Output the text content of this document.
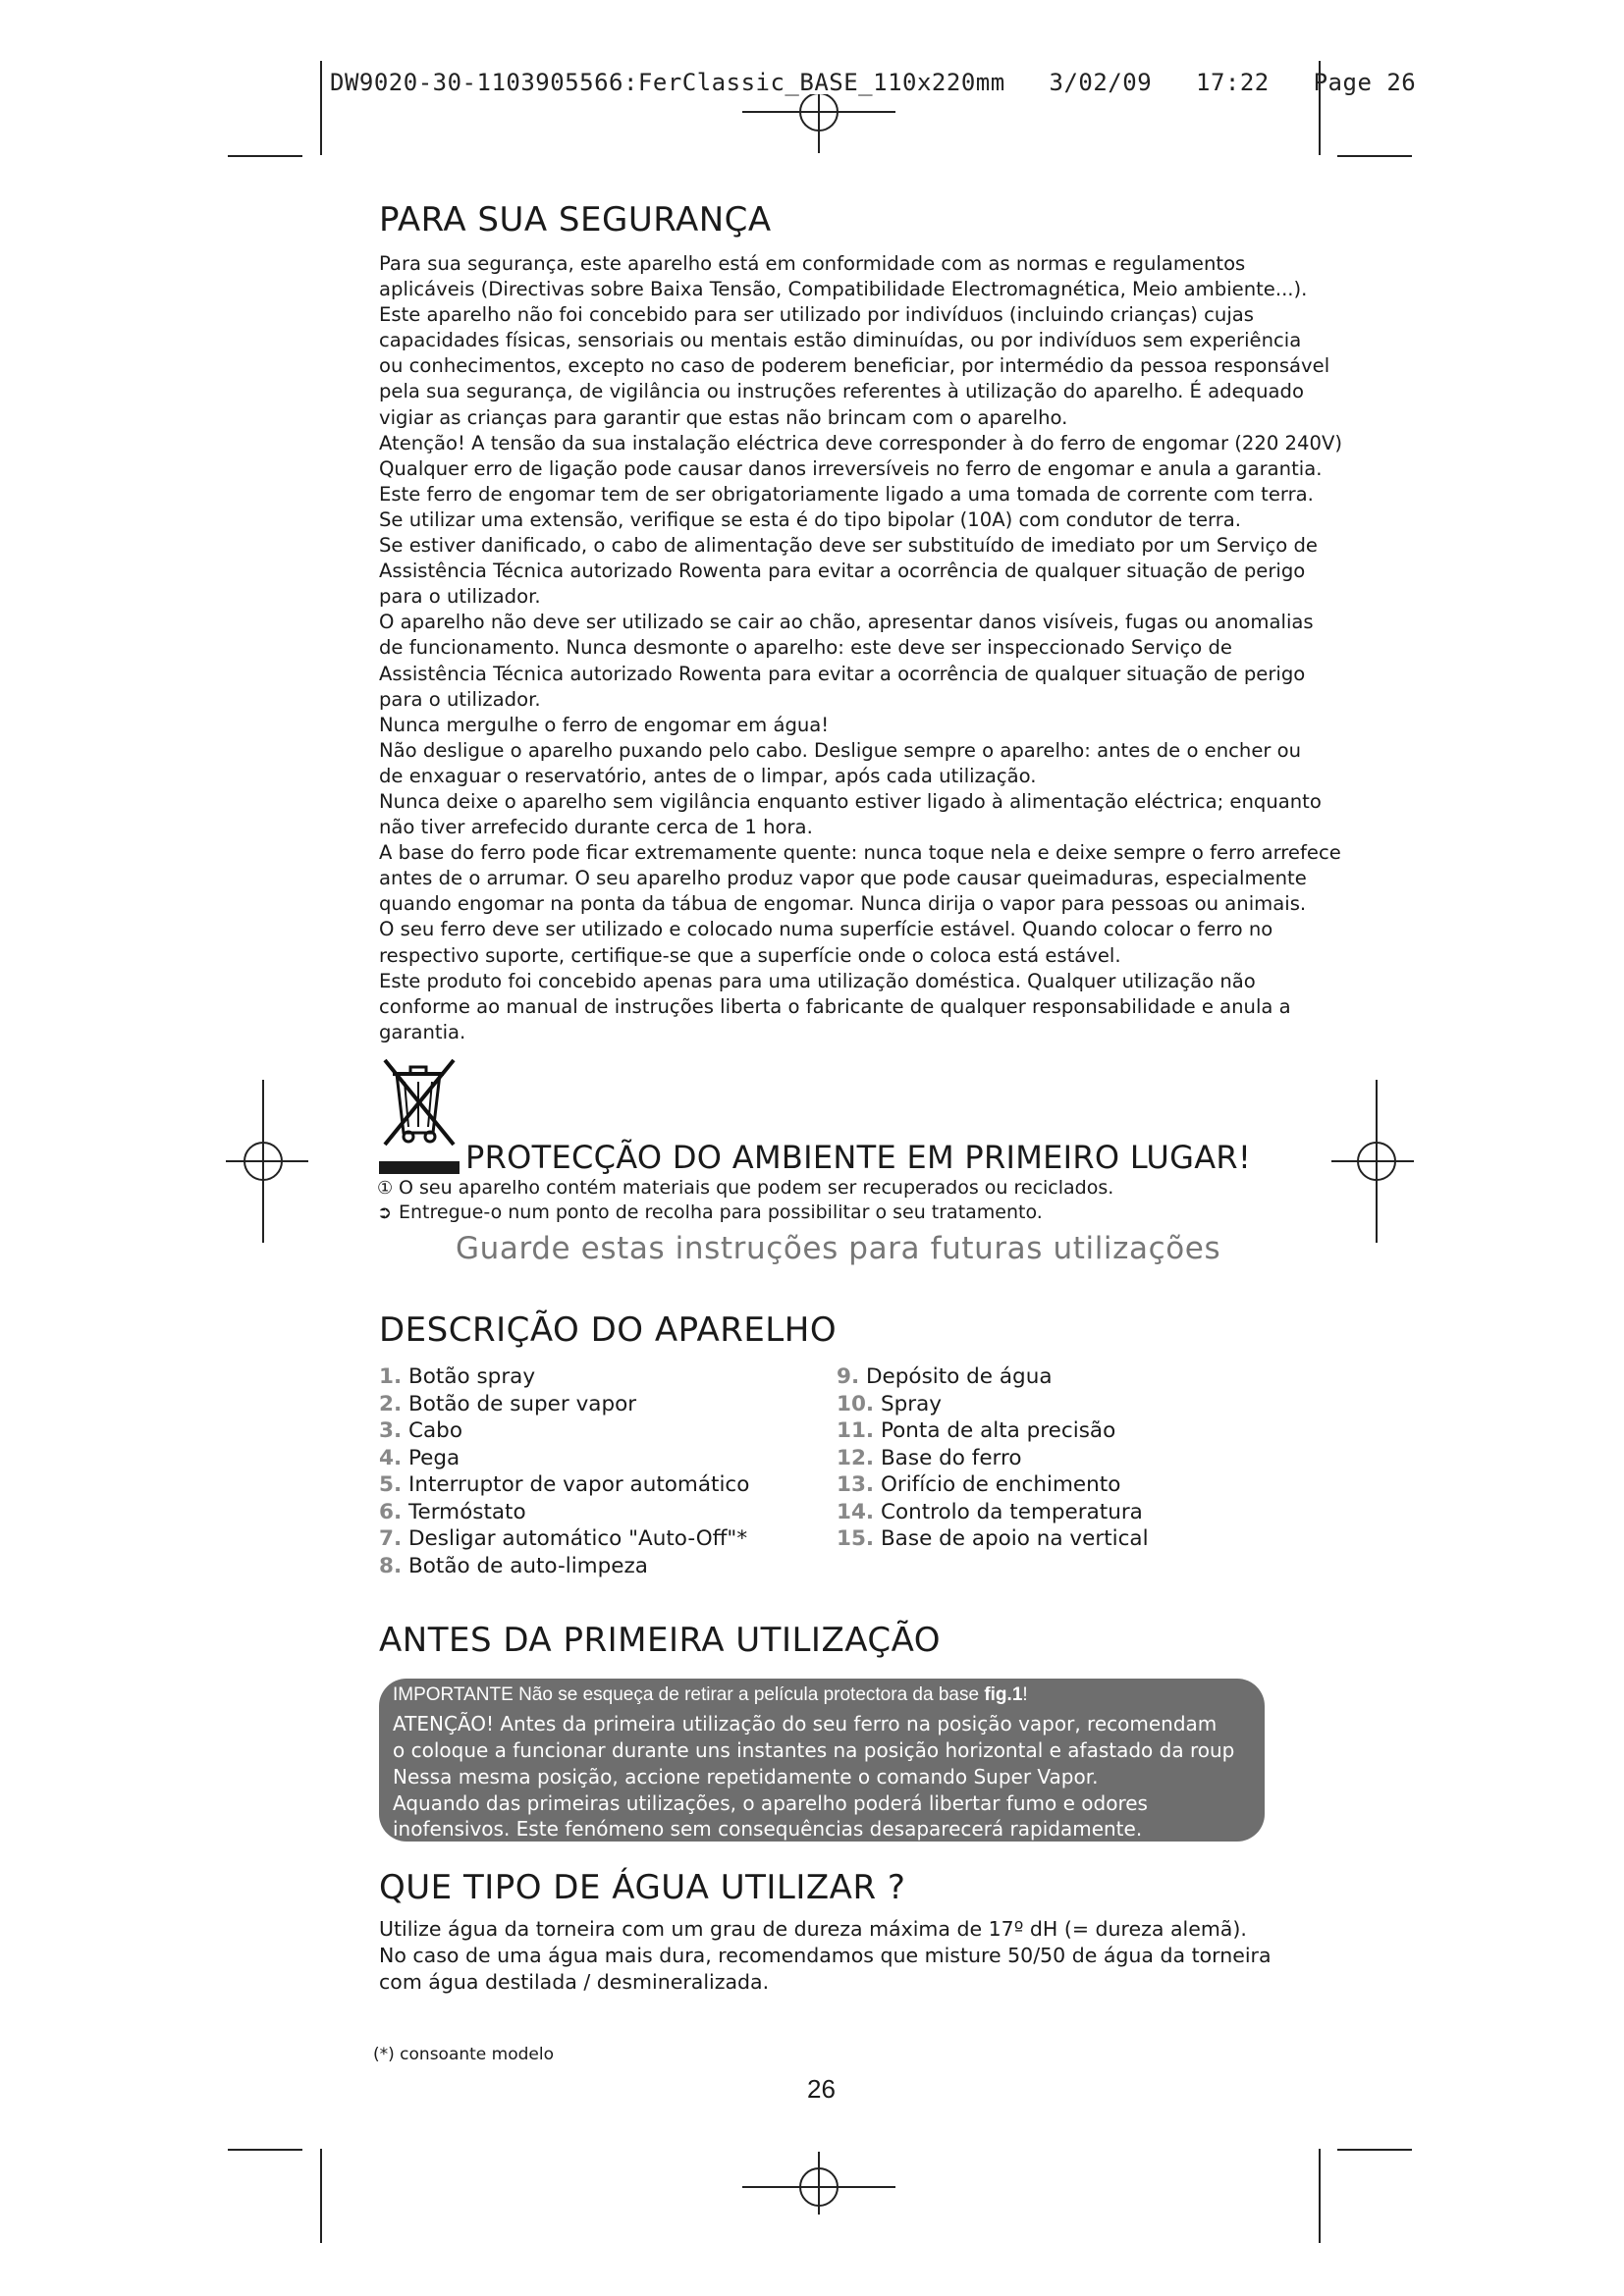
DW9020-30-1103905566:FerClassic_BASE_110x220mm   3/02/09   17:22   Page 26
PARA SUA SEGURANÇA

Para sua segurança, este aparelho está em conformidade com as normas e regulamentos

aplicáveis (Directivas sobre Baixa Tensão, Compatibilidade Electromagnética, Meio ambiente...).

Este aparelho não foi concebido para ser utilizado por indivíduos (incluindo crianças) cujas

capacidades físicas, sensoriais ou mentais estão diminuídas, ou por indivíduos sem experiência

ou conhecimentos, excepto no caso de poderem beneficiar, por intermédio da pessoa responsável

pela sua segurança, de vigilância ou instruções referentes à utilização do aparelho. É adequado

vigiar as crianças para garantir que estas não brincam com o aparelho.

Atenção! A tensão da sua instalação eléctrica deve corresponder à do ferro de engomar (220 240V)

Qualquer erro de ligação pode causar danos irreversíveis no ferro de engomar e anula a garantia.

Este ferro de engomar tem de ser obrigatoriamente ligado a uma tomada de corrente com terra.

Se utilizar uma extensão, verifique se esta é do tipo bipolar (10A) com condutor de terra.

Se estiver danificado, o cabo de alimentação deve ser substituído de imediato por um Serviço de

Assistência Técnica autorizado Rowenta para evitar a ocorrência de qualquer situação de perigo

para o utilizador.

O aparelho não deve ser utilizado se cair ao chão, apresentar danos visíveis, fugas ou anomalias

de funcionamento. Nunca desmonte o aparelho: este deve ser inspeccionado Serviço de

Assistência Técnica autorizado Rowenta para evitar a ocorrência de qualquer situação de perigo

para o utilizador.

Nunca mergulhe o ferro de engomar em água!

Não desligue o aparelho puxando pelo cabo. Desligue sempre o aparelho: antes de o encher ou

de enxaguar o reservatório, antes de o limpar, após cada utilização.

Nunca deixe o aparelho sem vigilância enquanto estiver ligado à alimentação eléctrica; enquanto

não tiver arrefecido durante cerca de 1 hora.

A base do ferro pode ficar extremamente quente: nunca toque nela e deixe sempre o ferro arrefece

antes de o arrumar. O seu aparelho produz vapor que pode causar queimaduras, especialmente

quando engomar na ponta da tábua de engomar. Nunca dirija o vapor para pessoas ou animais.

O seu ferro deve ser utilizado e colocado numa superfície estável. Quando colocar o ferro no

respectivo suporte, certifique-se que a superfície onde o coloca está estável.

Este produto foi concebido apenas para uma utilização doméstica. Qualquer utilização não

conforme ao manual de instruções liberta o fabricante de qualquer responsabilidade e anula a

garantia.

PROTECÇÃO DO AMBIENTE EM PRIMEIRO LUGAR!
① O seu aparelho contém materiais que podem ser recuperados ou reciclados.
➲ Entregue-o num ponto de recolha para possibilitar o seu tratamento.
Guarde estas instruções para futuras utilizações
DESCRIÇÃO DO APARELHO
1. Botão spray
2. Botão de super vapor
3. Cabo
4. Pega
5. Interruptor de vapor automático
6. Termóstato
7. Desligar automático "Auto-Off"*
8. Botão de auto-limpeza
9. Depósito de água
10. Spray
11. Ponta de alta precisão
12. Base do ferro
13. Orifício de enchimento
14. Controlo da temperatura
15. Base de apoio na vertical
ANTES DA PRIMEIRA UTILIZAÇÃO
IMPORTANTE Não se esqueça de retirar a película protectora da base fig.1!
ATENÇÃO! Antes da primeira utilização do seu ferro na posição vapor, recomendam
o coloque a funcionar durante uns instantes na posição horizontal e afastado da roup
Nessa mesma posição, accione repetidamente o comando Super Vapor.
Aquando das primeiras utilizações, o aparelho poderá libertar fumo e odores
inofensivos. Este fenómeno sem consequências desaparecerá rapidamente.
QUE TIPO DE ÁGUA UTILIZAR ?

Utilize água da torneira com um grau de dureza máxima de 17º dH (= dureza alemã).

No caso de uma água mais dura, recomendamos que misture 50/50 de água da torneira

com água destilada / desmineralizada.

(*) consoante modelo
26
